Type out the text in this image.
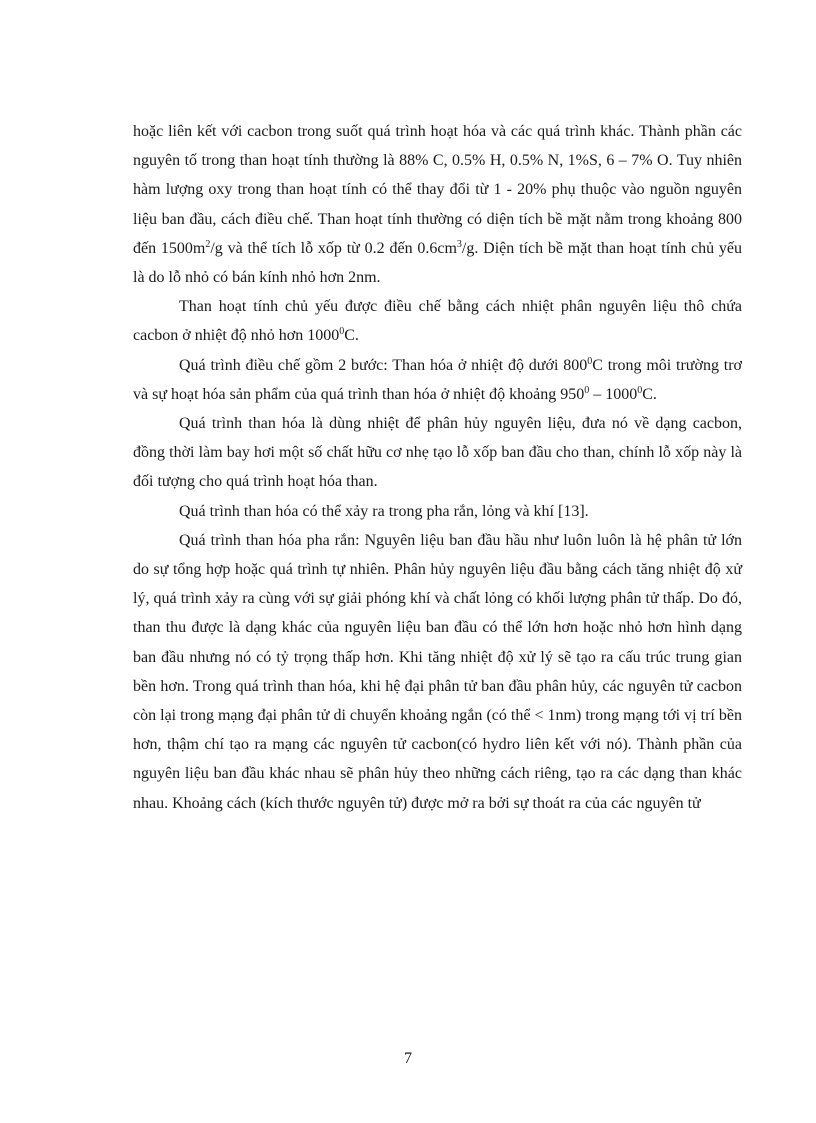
hoặc liên kết với cacbon trong suốt quá trình hoạt hóa và các quá trình khác. Thành phần các nguyên tố trong than hoạt tính thường là 88% C, 0.5% H, 0.5% N, 1%S, 6 – 7% O. Tuy nhiên hàm lượng oxy trong than hoạt tính có thể thay đổi từ 1 - 20% phụ thuộc vào nguồn nguyên liệu ban đầu, cách điều chế. Than hoạt tính thường có diện tích bề mặt nằm trong khoảng 800 đến $1500m^2/g$ và thể tích lỗ xốp từ 0.2 đến $0.6cm^3/g$. Diện tích bề mặt than hoạt tính chủ yếu là do lỗ nhỏ có bán kính nhỏ hơn 2nm.

Than hoạt tính chủ yếu được điều chế bằng cách nhiệt phân nguyên liệu thô chứa cacbon ở nhiệt độ nhỏ hơn 1000$^0$C.

Quá trình điều chế gồm 2 bước: Than hóa ở nhiệt độ dưới $800^0C$ trong môi trường trơ và sự hoạt hóa sản phẩm của quá trình than hóa ở nhiệt độ khoảng $950^0 - 1000^0C$.

Quá trình than hóa là dùng nhiệt để phân hủy nguyên liệu, đưa nó về dạng cacbon, đồng thời làm bay hơi một số chất hữu cơ nhẹ tạo lỗ xốp ban đầu cho than, chính lỗ xốp này là đối tượng cho quá trình hoạt hóa than.

Quá trình than hóa có thể xảy ra trong pha rắn, lỏng và khí [13].

Quá trình than hóa pha rắn: Nguyên liệu ban đầu hầu như luôn luôn là hệ phân tử lớn do sự tổng hợp hoặc quá trình tự nhiên. Phân hủy nguyên liệu đầu bằng cách tăng nhiệt độ xử lý, quá trình xảy ra cùng với sự giải phóng khí và chất lỏng có khối lượng phân tử thấp. Do đó, than thu được là dạng khác của nguyên liệu ban đầu có thể lớn hơn hoặc nhỏ hơn hình dạng ban đầu nhưng nó có tỷ trọng thấp hơn. Khi tăng nhiệt độ xử lý sẽ tạo ra cấu trúc trung gian bền hơn. Trong quá trình than hóa, khi hệ đại phân tử ban đầu phân hủy, các nguyên tử cacbon còn lại trong mạng đại phân tử di chuyển khoảng ngắn (có thể < 1nm) trong mạng tới vị trí bền hơn, thậm chí tạo ra mạng các nguyên tử cacbon(có hydro liên kết với nó). Thành phần của nguyên liệu ban đầu khác nhau sẽ phân hủy theo những cách riêng, tạo ra các dạng than khác nhau. Khoảng cách (kích thước nguyên tử) được mở ra bởi sự thoát ra của các nguyên tử

7
